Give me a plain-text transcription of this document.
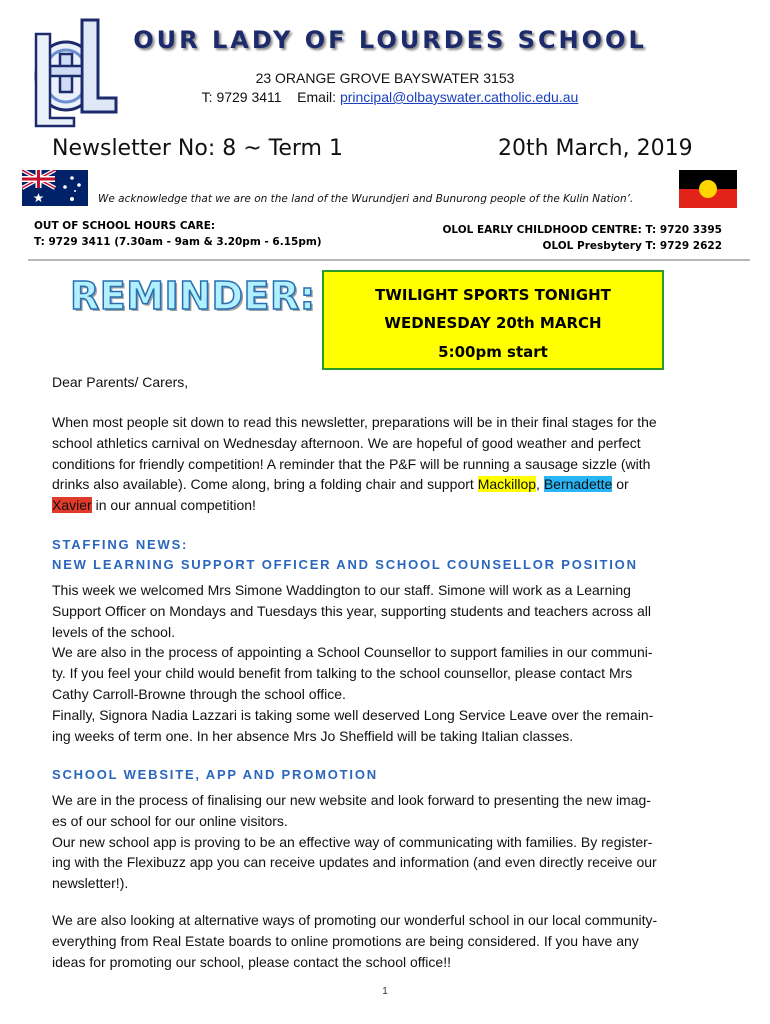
OUR LADY OF LOURDES SCHOOL
23 ORANGE GROVE BAYSWATER 3153
T: 9729 3411 Email: principal@olbayswater.catholic.edu.au
Newsletter No: 8 ~ Term 1	20th March, 2019
We acknowledge that we are on the land of the Wurundjeri and Bunurong people of the Kulin Nation’.
OUT OF SCHOOL HOURS CARE:
T: 9729 3411 (7.30am - 9am & 3.20pm - 6.15pm)
OLOL EARLY CHILDHOOD CENTRE: T: 9720 3395
OLOL Presbytery T: 9729 2622
REMINDER:	TWILIGHT SPORTS TONIGHT
WEDNESDAY 20th MARCH
5:00pm start
Dear Parents/ Carers,
When most people sit down to read this newsletter, preparations will be in their final stages for the
school athletics carnival on Wednesday afternoon. We are hopeful of good weather and perfect
conditions for friendly competition! A reminder that the P&F will be running a sausage sizzle (with
drinks also available). Come along, bring a folding chair and support Mackillop, Bernadette or
Xavier in our annual competition!
STAFFING NEWS:
NEW LEARNING SUPPORT OFFICER AND SCHOOL COUNSELLOR POSITION
This week we welcomed Mrs Simone Waddington to our staff. Simone will work as a Learning
Support Officer on Mondays and Tuesdays this year, supporting students and teachers across all
levels of the school.
We are also in the process of appointing a School Counsellor to support families in our communi-
ty. If you feel your child would benefit from talking to the school counsellor, please contact Mrs
Cathy Carroll-Browne through the school office.
Finally, Signora Nadia Lazzari is taking some well deserved Long Service Leave over the remain-
ing weeks of term one. In her absence Mrs Jo Sheffield will be taking Italian classes.
SCHOOL WEBSITE, APP AND PROMOTION
We are in the process of finalising our new website and look forward to presenting the new imag-
es of our school for our online visitors.
Our new school app is proving to be an effective way of communicating with families. By register-
ing with the Flexibuzz app you can receive updates and information (and even directly receive our
newsletter!).
We are also looking at alternative ways of promoting our wonderful school in our local community-
everything from Real Estate boards to online promotions are being considered. If you have any
ideas for promoting our school, please contact the school office!!
1
